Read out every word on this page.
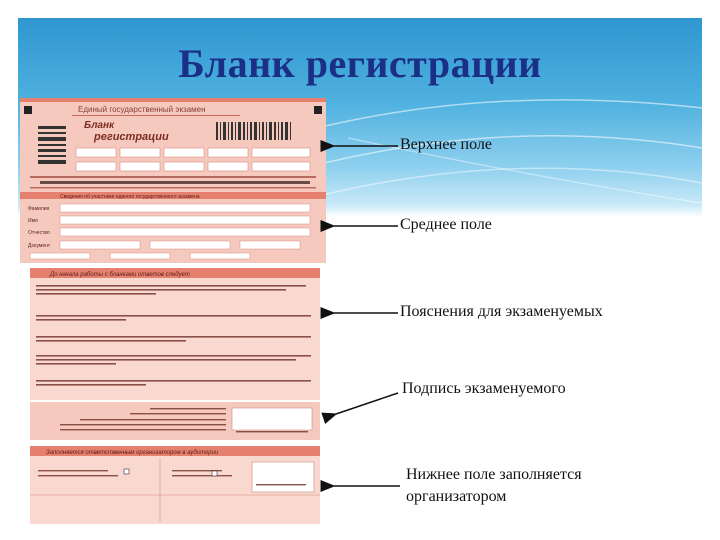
Бланк регистрации
Единый государственный экзамен
Бланк
регистрации
Сведения об участнике единого государственного экзамена
Фамилия
Имя
Отчество
Документ
До начала работы с бланками ответов следует
Заполняется ответственным организатором в аудитории
Верхнее поле
Среднее поле
Пояснения для экзаменуемых
Подпись экзаменуемого
Нижнее поле заполняется
организатором
